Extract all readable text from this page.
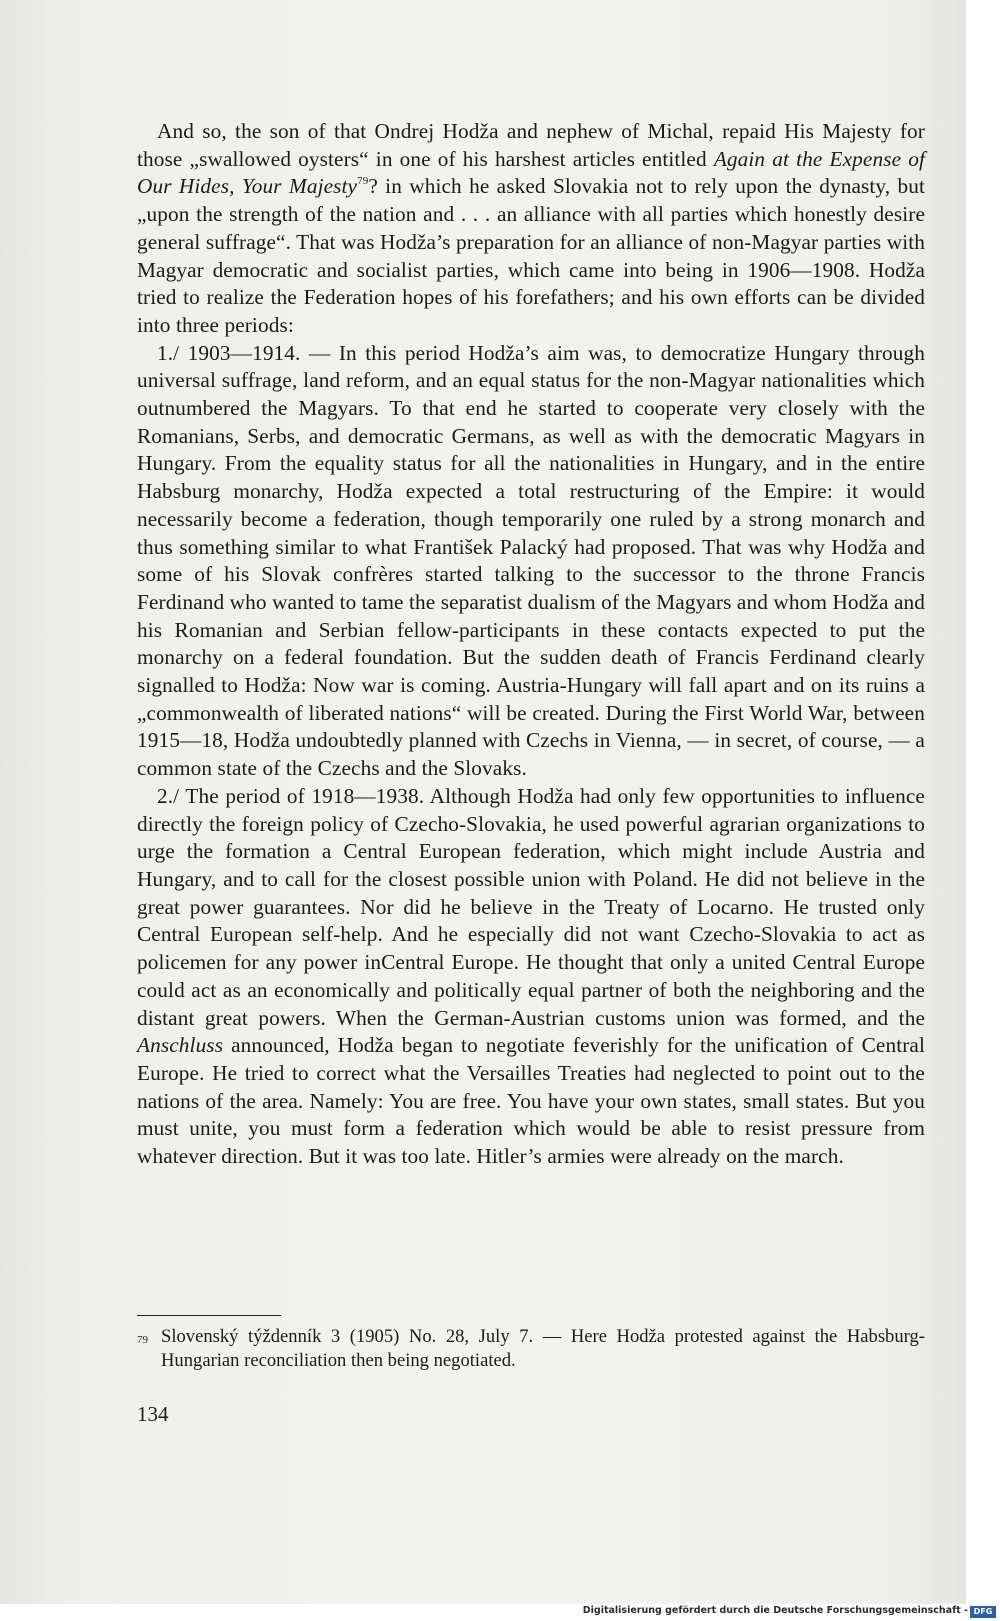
And so, the son of that Ondrej Hodža and nephew of Michal, repaid His Majesty for those „swallowed oysters“ in one of his harshest articles entitled Again at the Expense of Our Hides, Your Majesty$^{79}$? in which he asked Slovakia not to rely upon the dynasty, but „upon the strength of the nation and . . . an alliance with all parties which honestly desire general suffrage“. That was Hodža’s preparation for an alliance of non-Magyar parties with Magyar democratic and socialist parties, which came into being in 1906—1908. Hodža tried to realize the Federation hopes of his forefathers; and his own efforts can be divided into three periods:

1./ 1903—1914. — In this period Hodža’s aim was, to democratize Hungary through universal suffrage, land reform, and an equal status for the non-Magyar nationalities which outnumbered the Magyars. To that end he started to cooperate very closely with the Romanians, Serbs, and democratic Germans, as well as with the democratic Magyars in Hungary. From the equality status for all the nationalities in Hungary, and in the entire Habsburg monarchy, Hodža expected a total restructuring of the Empire: it would necessarily become a federation, though temporarily one ruled by a strong monarch and thus something similar to what František Palacký had proposed. That was why Hodža and some of his Slovak confrères started talking to the successor to the throne Francis Ferdinand who wanted to tame the separatist dualism of the Magyars and whom Hodža and his Romanian and Serbian fellow-participants in these contacts expected to put the monarchy on a federal foundation. But the sudden death of Francis Ferdinand clearly signalled to Hodža: Now war is coming. Austria-Hungary will fall apart and on its ruins a „commonwealth of liberated nations“ will be created. During the First World War, between 1915—18, Hodža undoubtedly planned with Czechs in Vienna, — in secret, of course, — a common state of the Czechs and the Slovaks.

2./ The period of 1918—1938. Although Hodža had only few opportunities to influence directly the foreign policy of Czecho-Slovakia, he used powerful agrarian organizations to urge the formation a Central European federation, which might include Austria and Hungary, and to call for the closest possible union with Poland. He did not believe in the great power guarantees. Nor did he believe in the Treaty of Locarno. He trusted only Central European self-help. And he especially did not want Czecho-Slovakia to act as policemen for any power inCentral Europe. He thought that only a united Central Europe could act as an economically and politically equal partner of both the neighboring and the distant great powers. When the German-Austrian customs union was formed, and the Anschluss announced, Hodža began to negotiate feverishly for the unification of Central Europe. He tried to correct what the Versailles Treaties had neglected to point out to the nations of the area. Namely: You are free. You have your own states, small states. But you must unite, you must form a federation which would be able to resist pressure from whatever direction. But it was too late. Hitler’s armies were already on the march.

79 Slovenský týždenník 3 (1905) No. 28, July 7. — Here Hodža protested against the Habsburg-Hungarian reconciliation then being negotiated.
134
Digitalisierung gefördert durch die Deutsche Forschungsgemeinschaft - DFG
